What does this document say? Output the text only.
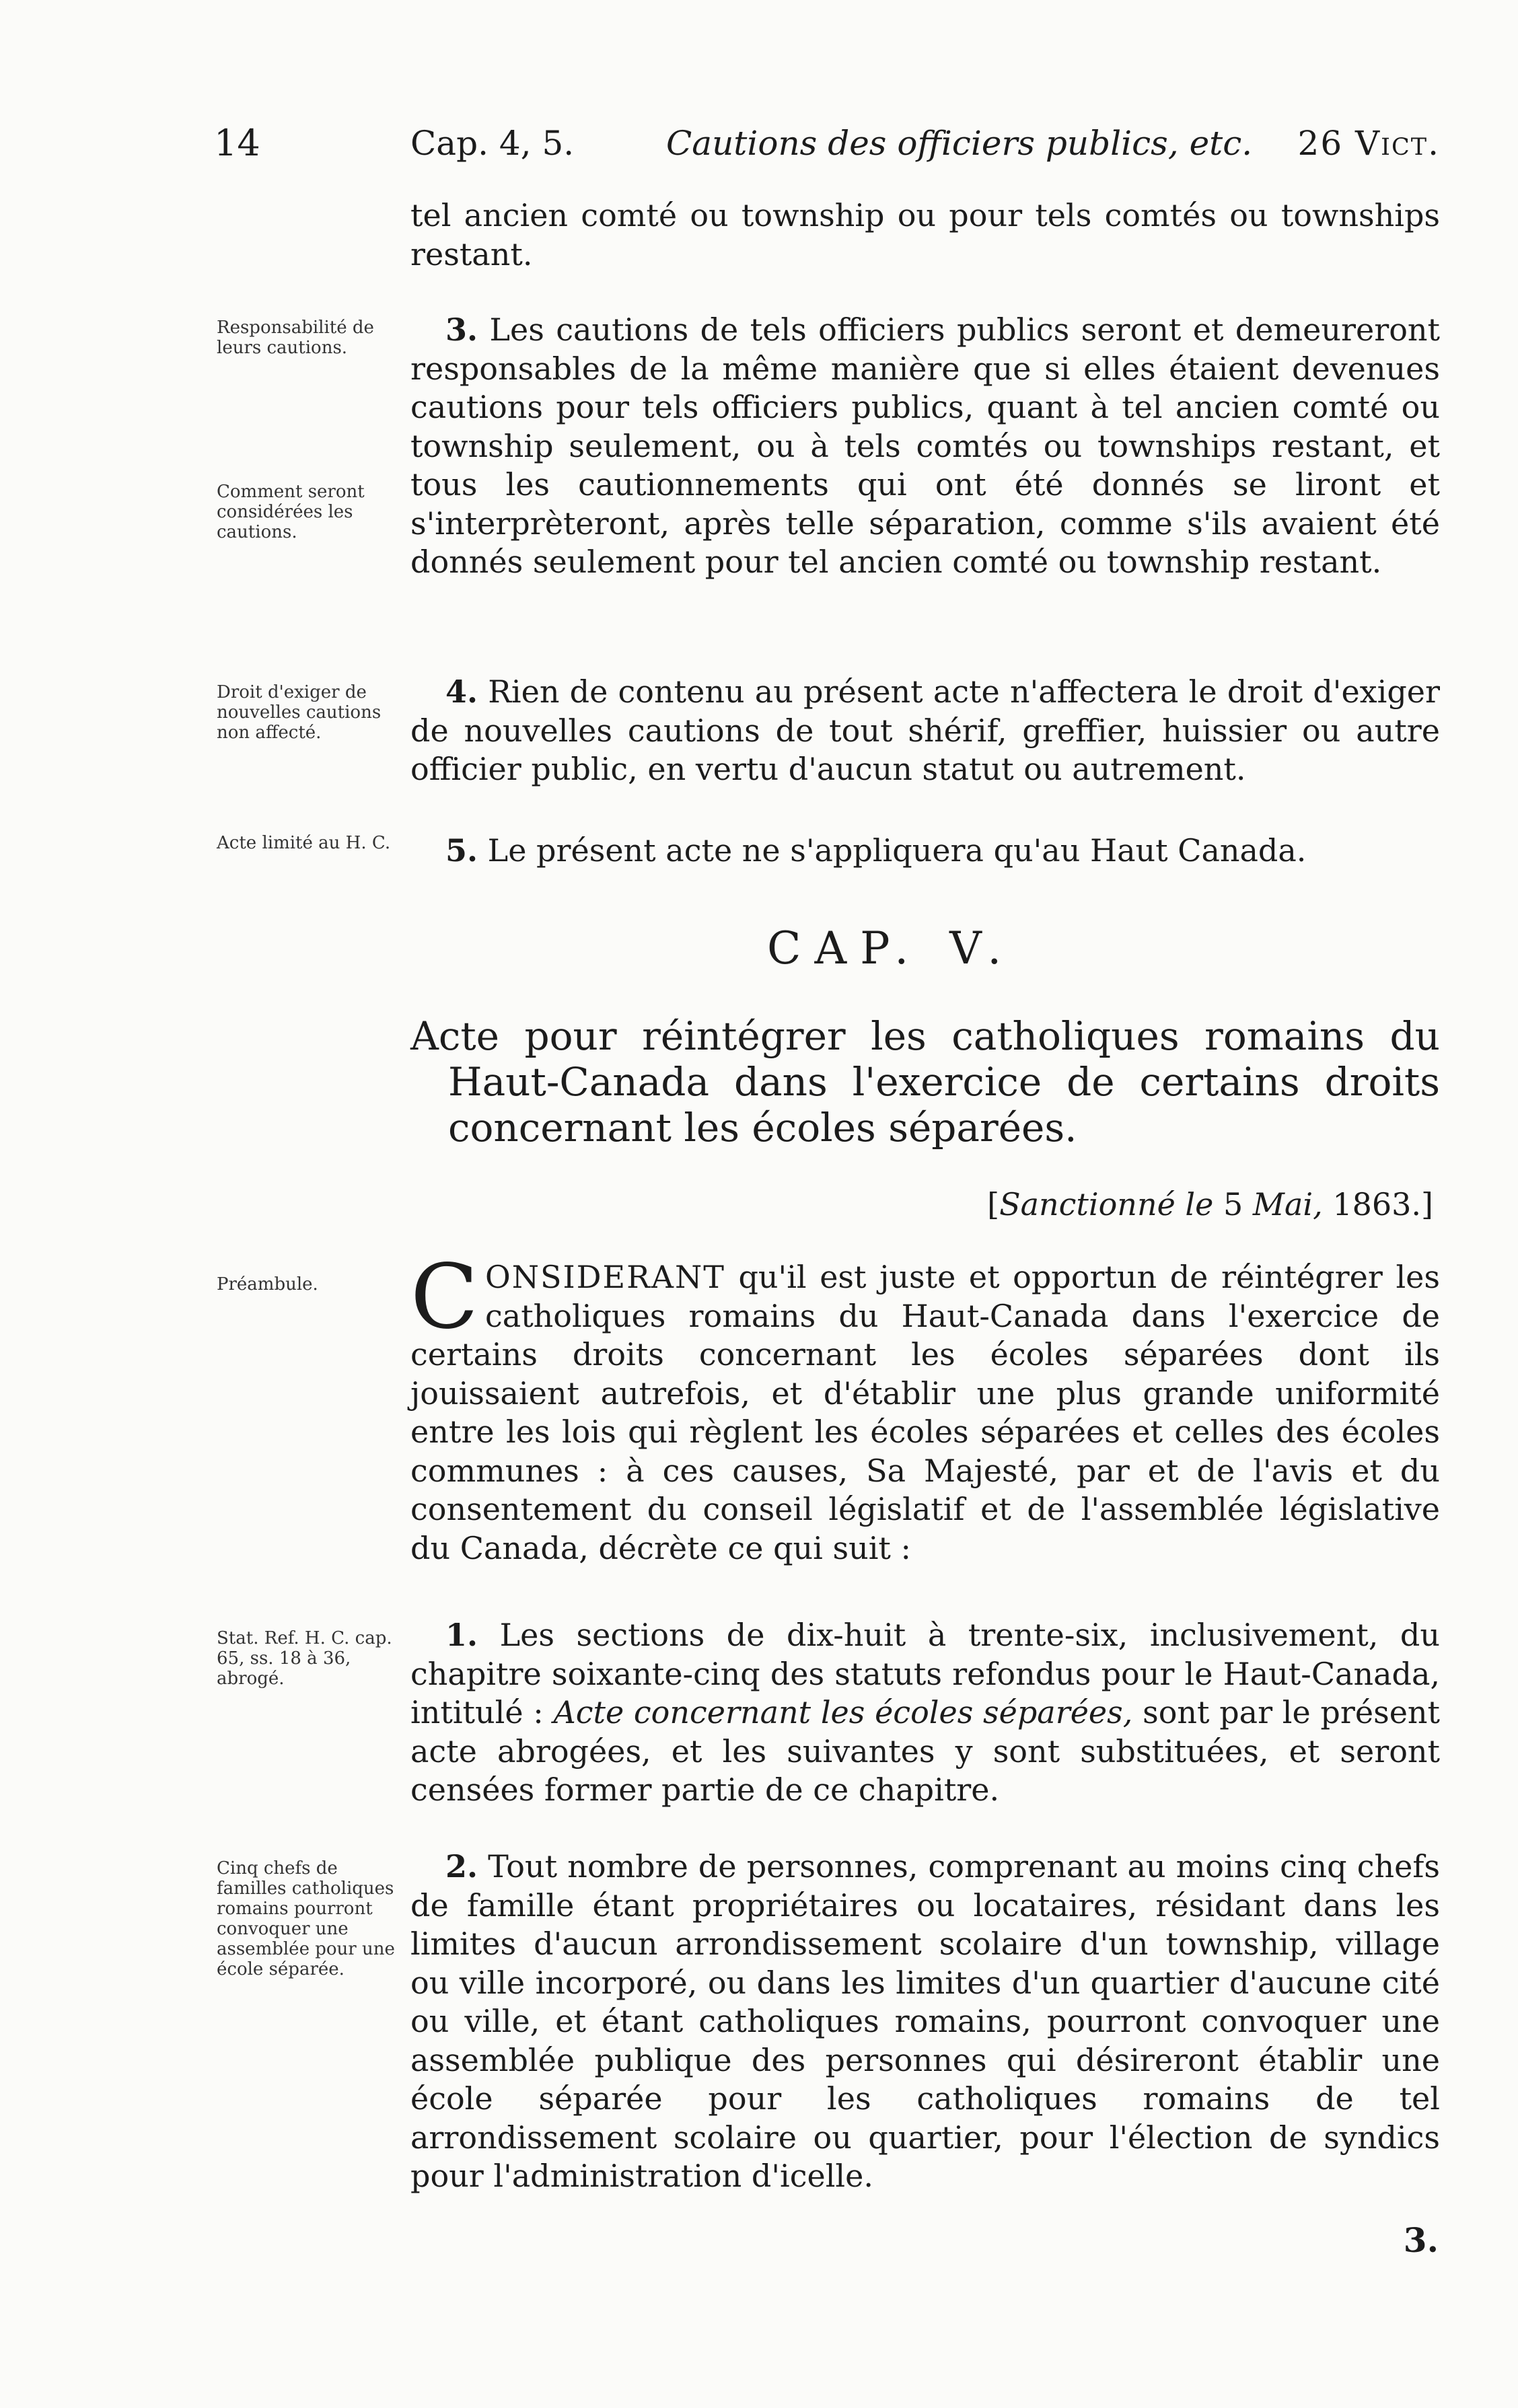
14	Cap. 4, 5.	Cautions des officiers publics, etc. 26 Vict.
tel ancien comté ou township ou pour tels comtés ou townships restant.
Responsabilité de leurs cautions.	3. Les cautions de tels officiers publics seront et demeureront responsables de la même manière que si elles étaient devenues cautions pour tels officiers publics, quant à tel ancien comté ou township seulement, ou à tels comtés ou townships restant, et tous les cautionnements qui ont été donnés se liront et s'interprèteront, après telle séparation, comme s'ils avaient été donnés seulement pour tel ancien comté ou township restant.
Comment seront considérées les cautions.
Droit d'exiger de nouvelles cautions non affecté.
4. Rien de contenu au présent acte n'affectera le droit d'exiger de nouvelles cautions de tout shérif, greffier, huissier ou autre officier public, en vertu d'aucun statut ou autrement.
Acte limité au H. C.	5. Le présent acte ne s'appliquera qu'au Haut Canada.
CAP. V.
Acte pour réintégrer les catholiques romains du Haut-Canada dans l'exercice de certains droits concernant les écoles séparées.
[Sanctionné le 5 Mai, 1863.]
Préambule.	CONSIDERANT qu'il est juste et opportun de réintégrer les catholiques romains du Haut-Canada dans l'exercice de certains droits concernant les écoles séparées dont ils jouissaient autrefois, et d'établir une plus grande uniformité entre les lois qui règlent les écoles séparées et celles des écoles communes : à ces causes, Sa Majesté, par et de l'avis et du consentement du conseil législatif et de l'assemblée législative du Canada, décrète ce qui suit :
Stat. Ref. H. C. cap. 65, ss. 18 à 36, abrogé.
1. Les sections de dix-huit à trente-six, inclusivement, du chapitre soixante-cinq des statuts refondus pour le Haut-Canada, intitulé : Acte concernant les écoles séparées, sont par le présent acte abrogées, et les suivantes y sont substituées, et seront censées former partie de ce chapitre.
Cinq chefs de familles catholiques romains pourront convoquer une assemblée pour une école séparée.
2. Tout nombre de personnes, comprenant au moins cinq chefs de famille étant propriétaires ou locataires, résidant dans les limites d'aucun arrondissement scolaire d'un township, village ou ville incorporé, ou dans les limites d'un quartier d'aucune cité ou ville, et étant catholiques romains, pourront convoquer une assemblée publique des personnes qui désireront établir une école séparée pour les catholiques romains de tel arrondissement scolaire ou quartier, pour l'élection de syndics pour l'administration d'icelle.
3.
